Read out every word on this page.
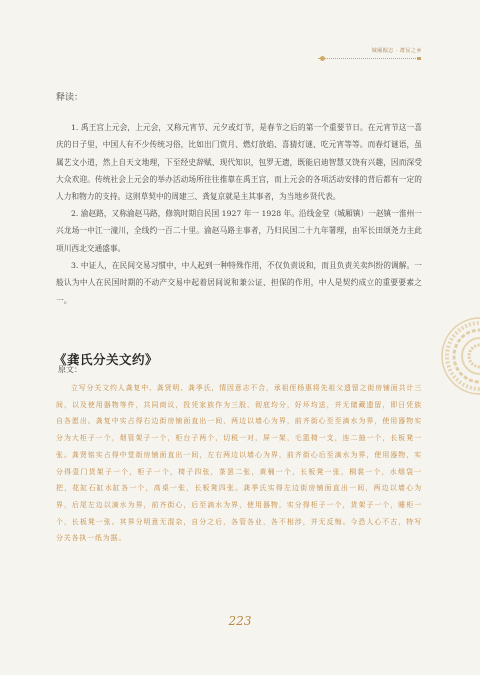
城厢掘志 · 群民之乡
释读：

1. 禹王宫上元会，上元会，又称元宵节、元夕或灯节，是春节之后的第一个重要节日。在元宵节这一喜庆的日子里，中国人有不少传统习俗，比如出门赏月、燃灯放焰、喜猜灯谜、吃元宵等等。而春灯谜语，虽属艺文小道，然上自天文地理，下至经史辞赋、现代知识，包罗无遗，既能启迪智慧又饶有兴趣，因而深受大众欢迎。传统社会上元会的举办活动场所往往推靠在禹王宫，而上元会的各项活动安排的背后都有一定的人力和物力的支持。这则草契中的周建三、龚复京就是主其事者，为当地乡贤代表。

2. 渝赵路，又称渝赵马路，修筑时期自民国 1927 年一 1928 年。沿线金堂（城厢镇）一赵镇一淮州一兴龙场一中江一潼川，全线约一百二十里。渝赵马路主事者，乃归民国二十九年署理，由军长田颂尧力主此项川西北交通盛事。

3. 中证人，在民间交易习惯中，中人起到一种特殊作用，不仅负责说和，而且负责关卖纠纷的调解。一般认为中人在民国时期的不动产交易中起着居间说和兼公证、担保的作用，中人是契约成立的重要要素之一。

《龚氏分关文约》
原文：

立写分关文约人龚复中、龚贤明、龚季氏，情因意志不合，承祖侄杨惠将先祖父遗留之街房铺面共计三间，以及使用器物等件，共同商议，投凭家族作为三股，彻底均分，好坏均送，并无储藏遗留，即日凭族自各愿出。龚复中实占得右边街房铺面直出一间，两边以墙心为界，前齐街心至至滴水为界，使用器物实分为大柜子一个，烟管架子一个，柜台子两个，切税一对，屏一架，毛篮椅一支，连二抽一个，长板凳一张。龚贤铭实占得中堂街房铺面直出一间，左右两边以墙心为界，前齐街心后至滴水为界，使用器物，实分得壹门货架子一个，柜子一个，椅子四张，茶罢二张，黄桶一个，长板凳一张，桐裳一个，水烟袋一把，花缸石缸水缸各一个，高桌一张，长板凳四张。龚季氏实得左边街房铺面直出一间，两边以墙心为界，后尾左边以滴水为界，前齐街心，后至滴水为界，使用器物，实分得柜子一个，货架子一个，睡柜一个，长板凳一张。其界分明意无混杂，自分之后，各管各业，各不相涉，并无反悔。今恐人心不古，特写分关各执一纸为据。

223
